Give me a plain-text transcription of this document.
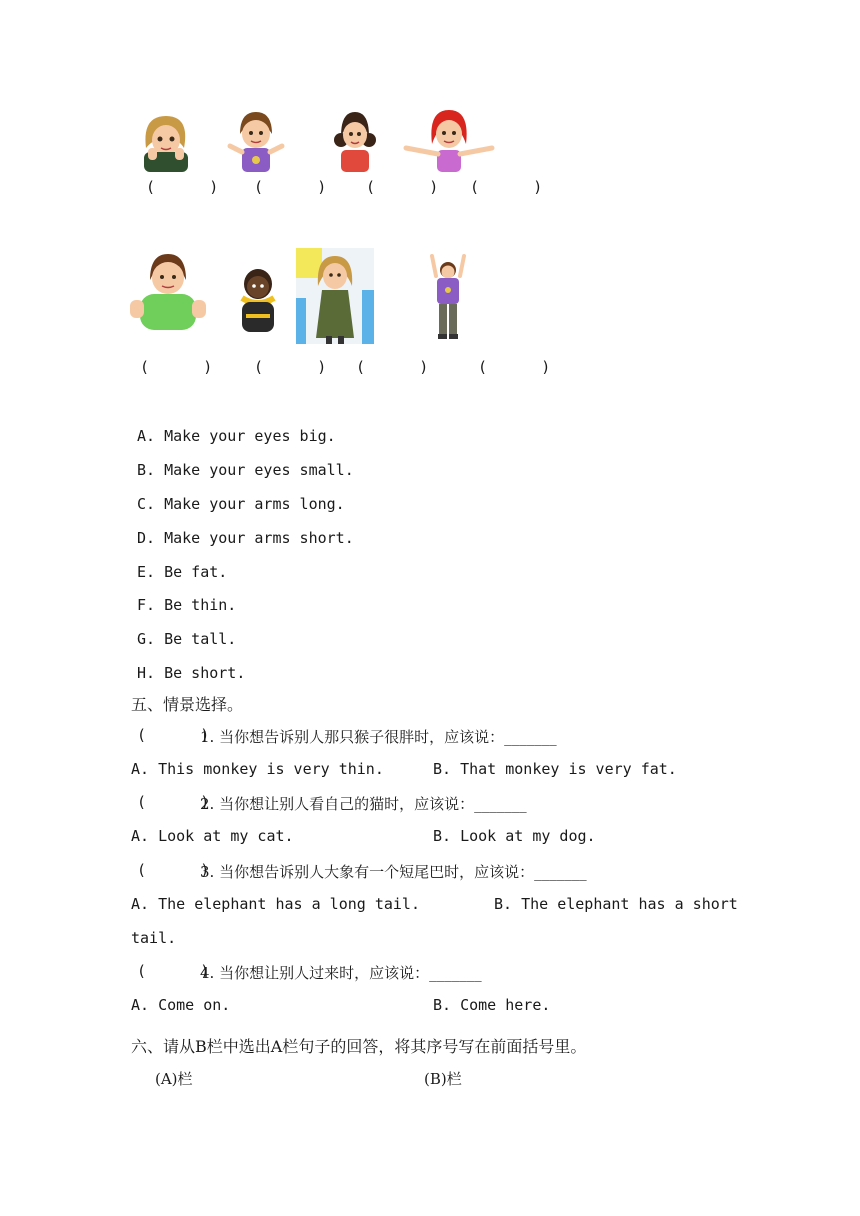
(      ) (      )	(      ) (      )
(      )	(      ) (      )	(      )
A. Make your eyes big.
B. Make your eyes small.
C. Make your arms long.
D. Make your arms short.
E. Be fat.
F. Be thin.
G. Be tall.
H. Be short.
五、情景选择。
(      )
1. 当你想告诉别人那只猴子很胖时，应该说：_______
A. This monkey is very thin.	B. That monkey is very fat.
(      )
2. 当你想让别人看自己的猫时，应该说：_______
A. Look at my cat.	B. Look at my dog.
(      )
3. 当你想告诉别人大象有一个短尾巴时，应该说：_______
A. The elephant has a long tail.	B. The elephant has a short
tail.
(      )
4. 当你想让别人过来时，应该说：_______
A. Come on.	B. Come here.
六、请从B栏中选出A栏句子的回答，将其序号写在前面括号里。
(A)栏	(B)栏
